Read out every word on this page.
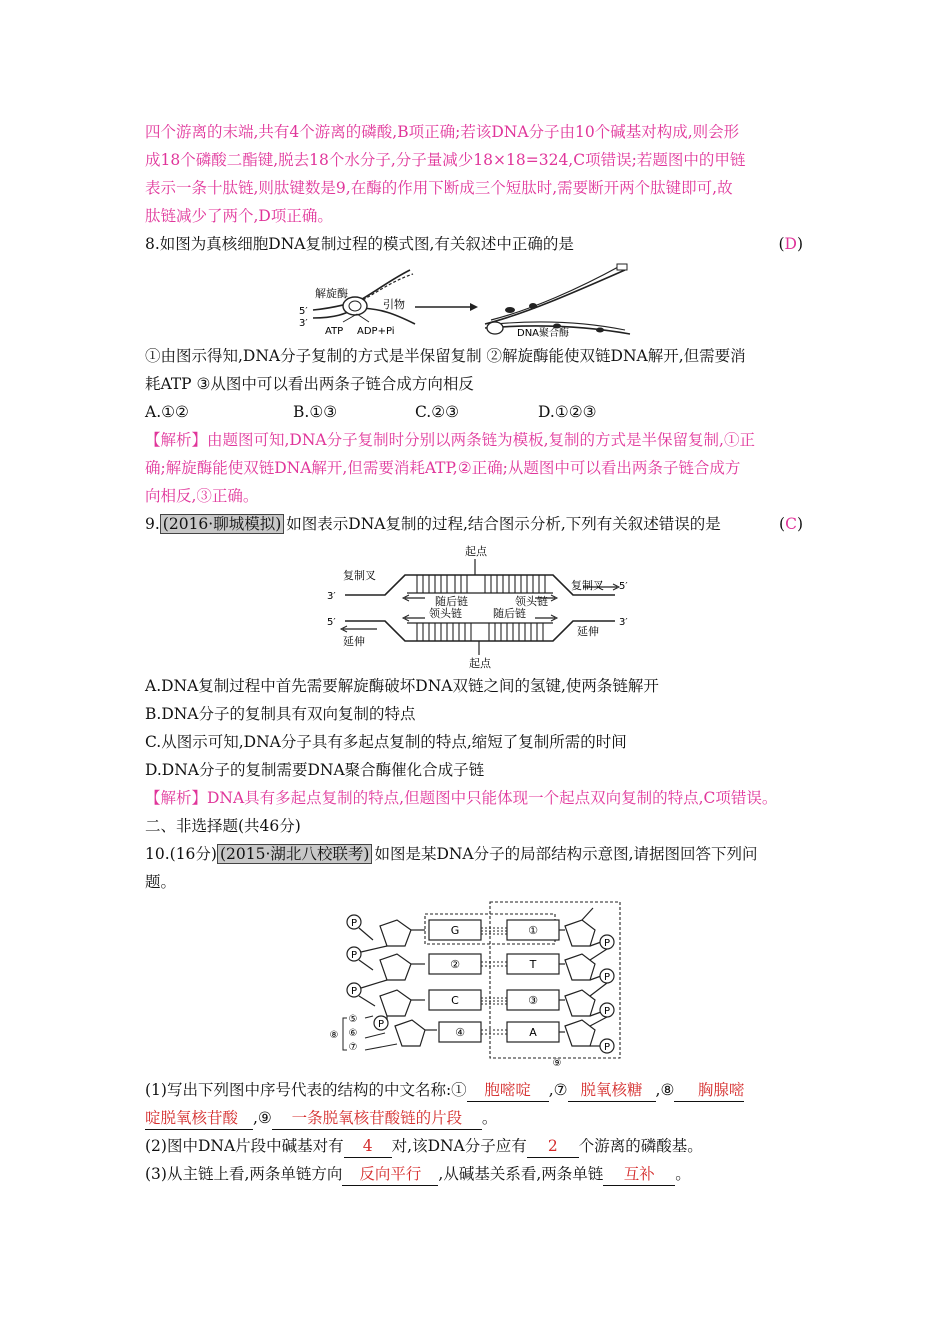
四个游离的末端,共有4个游离的磷酸,B项正确;若该DNA分子由10个碱基对构成,则会形
成18个磷酸二酯键,脱去18个水分子,分子量减少18×18=324,C项错误;若题图中的甲链
表示一条十肽链,则肽键数是9,在酶的作用下断成三个短肽时,需要断开两个肽键即可,故
肽链减少了两个,D项正确。
8.如图为真核细胞DNA复制过程的模式图,有关叙述中正确的是	(D)
解旋酶
引物
5′
3′
ATP ADP+Pi	DNA聚合酶
①由图示得知,DNA分子复制的方式是半保留复制 ②解旋酶能使双链DNA解开,但需要消
耗ATP ③从图中可以看出两条子链合成方向相反
A.①②	B.①③	C.②③	D.①②③
【解析】由题图可知,DNA分子复制时分别以两条链为模板,复制的方式是半保留复制,①正
确;解旋酶能使双链DNA解开,但需要消耗ATP,②正确;从题图中可以看出两条子链合成方
向相反,③正确。
9. (2016·聊城模拟) 如图表示DNA复制的过程,结合图示分析,下列有关叙述错误的是	(C)
起点
起点
复制叉
复制叉
随后链	领头链
领头链	随后链
延伸
延伸
3′
5′
5′
3′
A.DNA复制过程中首先需要解旋酶破坏DNA双链之间的氢键,使两条链解开
B.DNA分子的复制具有双向复制的特点
C.从图示可知,DNA分子具有多起点复制的特点,缩短了复制所需的时间
D.DNA分子的复制需要DNA聚合酶催化合成子链
【解析】DNA具有多起点复制的特点,但题图中只能体现一个起点双向复制的特点,C项错误。
二、非选择题(共46分)
10.(16分) (2015·湖北八校联考) 如图是某DNA分子的局部结构示意图,请据图回答下列问
题。
P
P
P
P
P
P
P
P
G	①
②	T
C	③
④	A
⑤
⑥
⑦
⑧
⑨
(1)写出下列图中序号代表的结构的中文名称:① 胞嘧啶 ,⑦ 脱氧核糖 ,⑧ 胸腺嘧
啶脱氧核苷酸 ,⑨ 一条脱氧核苷酸链的片段 。
(2)图中DNA片段中碱基对有 4 对,该DNA分子应有 2 个游离的磷酸基。
(3)从主链上看,两条单链方向 反向平行 ,从碱基关系看,两条单链 互补 。
